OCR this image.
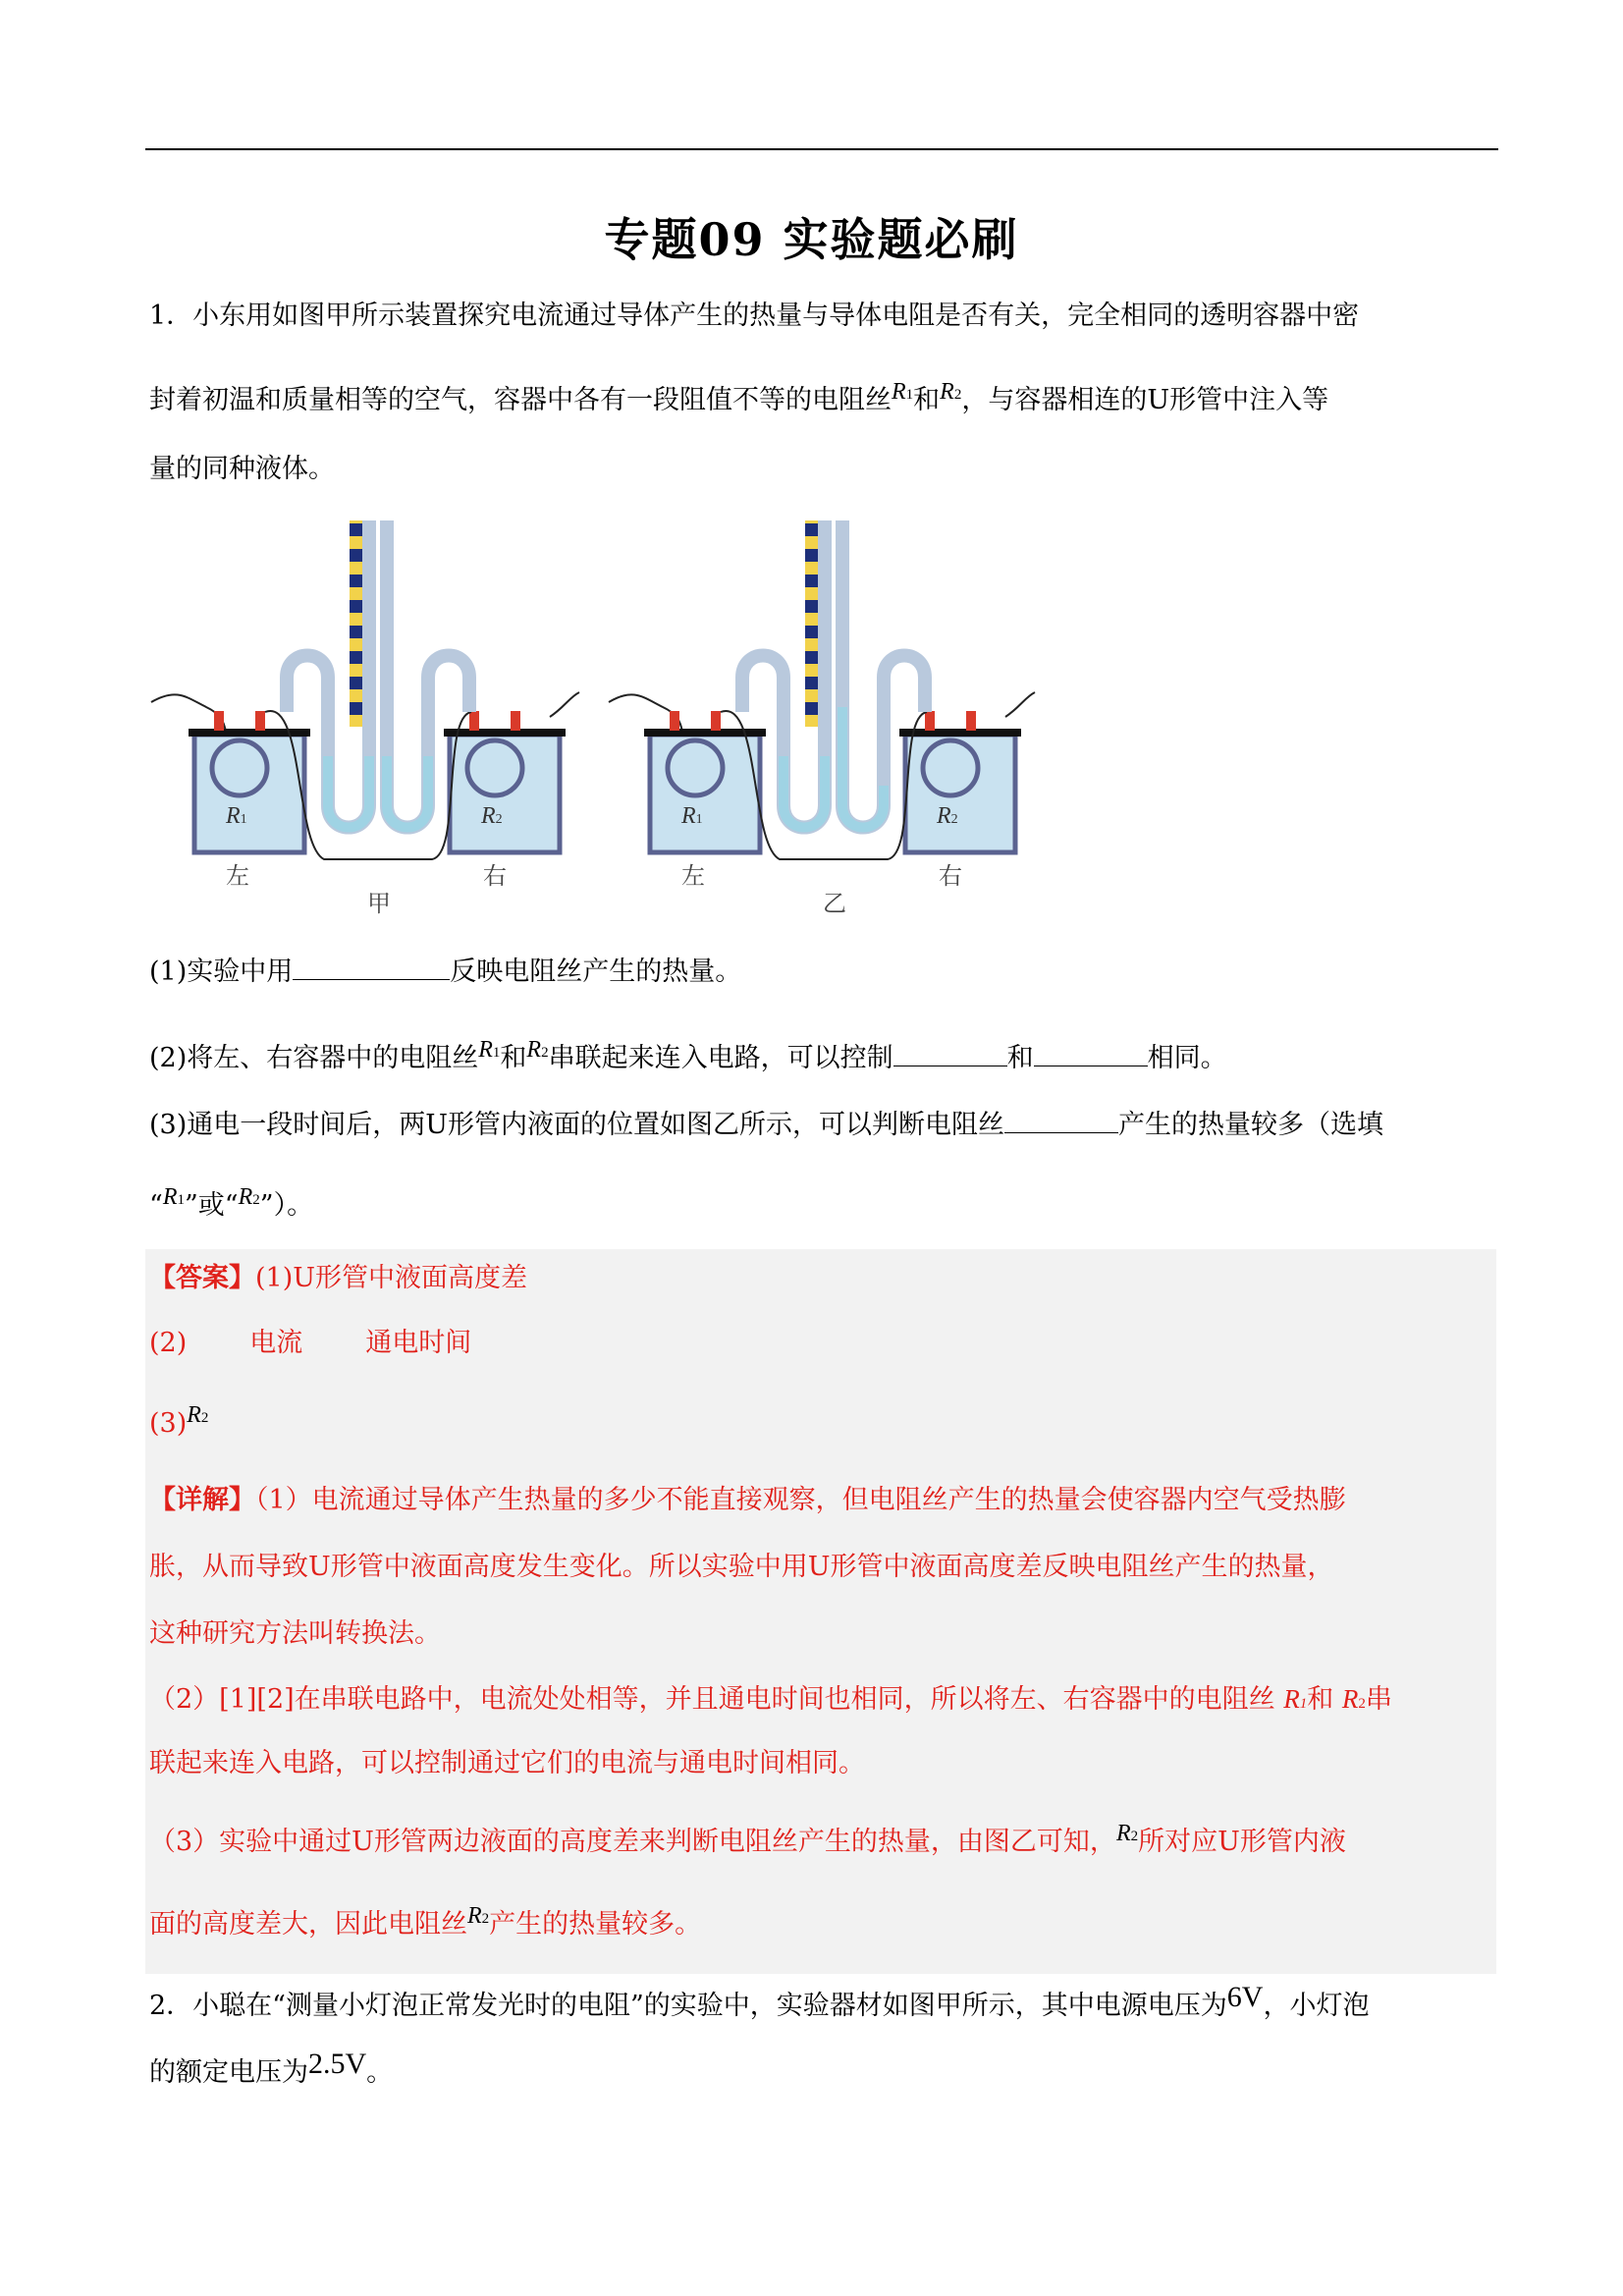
专题09 实验题必刷
1．小东用如图甲所示装置探究电流通过导体产生的热量与导体电阻是否有关，完全相同的透明容器中密
封着初温和质量相等的空气，容器中各有一段阻值不等的电阻丝R1和R2，与容器相连的U形管中注入等
量的同种液体。
R1	R2	R1	R2
左	右
甲
左	右
乙
(1)实验中用	反映电阻丝产生的热量。
(2)将左、右容器中的电阻丝R1和R2串联起来连入电路，可以控制	和	相同。
(3)通电一段时间后，两U形管内液面的位置如图乙所示，可以判断电阻丝	产生的热量较多（选填
“R1”或“R2”）。
【答案】(1)U形管中液面高度差
(2) 电流 通电时间
(3)R2
【详解】（1）电流通过导体产生热量的多少不能直接观察，但电阻丝产生的热量会使容器内空气受热膨
胀，从而导致U形管中液面高度发生变化。所以实验中用U形管中液面高度差反映电阻丝产生的热量，
这种研究方法叫转换法。
（2）[1][2]在串联电路中，电流处处相等，并且通电时间也相同，所以将左、右容器中的电阻丝 R1和 R2串
联起来连入电路，可以控制通过它们的电流与通电时间相同。
（3）实验中通过U形管两边液面的高度差来判断电阻丝产生的热量，由图乙可知，R2所对应U形管内液
面的高度差大，因此电阻丝R2产生的热量较多。
2．小聪在“测量小灯泡正常发光时的电阻”的实验中，实验器材如图甲所示，其中电源电压为6V，小灯泡
的额定电压为2.5V。
